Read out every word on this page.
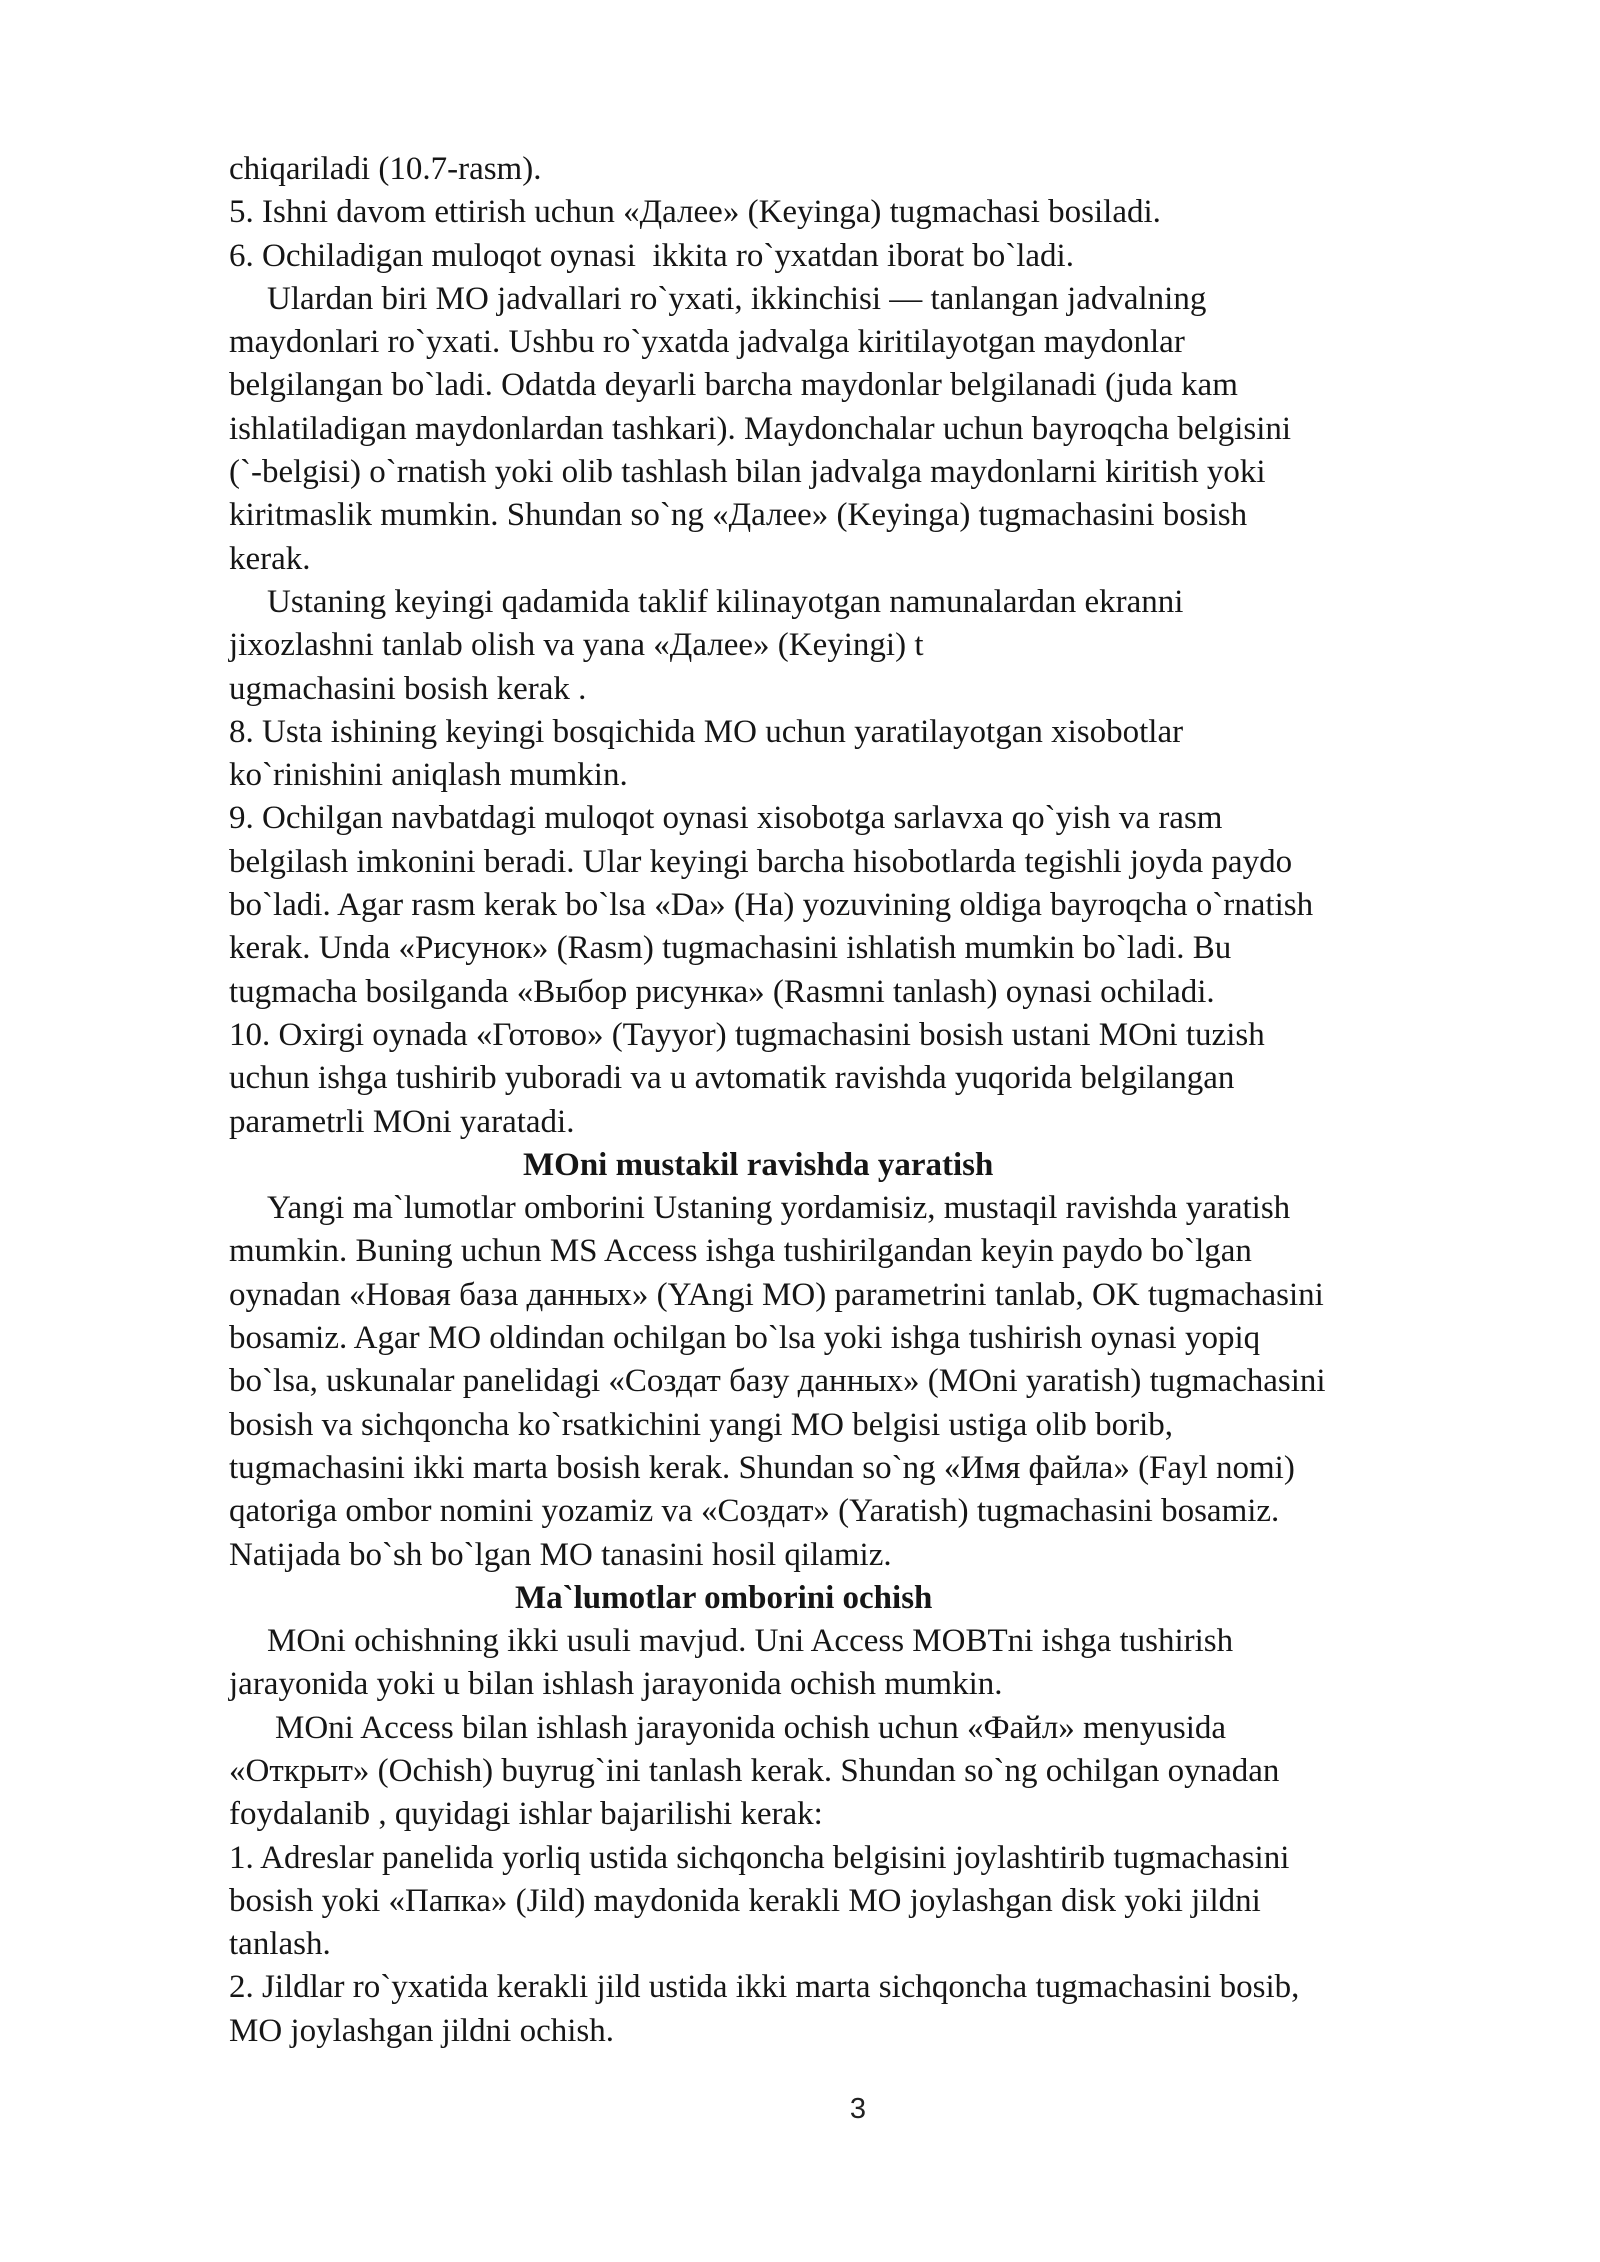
chiqariladi (10.7-rasm).
5. Ishni davom ettirish uchun «Далее» (Keyinga) tugmachasi bosiladi.
6. Ochiladigan muloqot oynasi  ikkita ro`yxatdan iborat bo`ladi.
Ulardan biri MO jadvallari ro`yxati, ikkinchisi — tanlangan jadvalning
maydonlari ro`yxati. Ushbu ro`yxatda jadvalga kiritilayotgan maydonlar
belgilangan bo`ladi. Odatda deyarli barcha maydonlar belgilanadi (juda kam
ishlatiladigan maydonlardan tashkari). Maydonchalar uchun bayroqcha belgisini
(`-belgisi) o`rnatish yoki olib tashlash bilan jadvalga maydonlarni kiritish yoki
kiritmaslik mumkin. Shundan so`ng «Далее» (Keyinga) tugmachasini bosish
kerak.
Ustaning keyingi qadamida taklif kilinayotgan namunalardan ekranni
jixozlashni tanlab olish va yana «Далее» (Keyingi) t
ugmachasini bosish kerak .
8. Usta ishining keyingi bosqichida MO uchun yaratilayotgan xisobotlar
ko`rinishini aniqlash mumkin.
9. Ochilgan navbatdagi muloqot oynasi xisobotga sarlavxa qo`yish va rasm
belgilash imkonini beradi. Ular keyingi barcha hisobotlarda tegishli joyda paydo
bo`ladi. Agar rasm kerak bo`lsa «Da» (Ha) yozuvining oldiga bayroqcha o`rnatish
kerak. Unda «Рисунок» (Rasm) tugmachasini ishlatish mumkin bo`ladi. Bu
tugmacha bosilganda «Выбор рисунка» (Rasmni tanlash) oynasi ochiladi.
10. Oxirgi oynada «Готово» (Tayyor) tugmachasini bosish ustani MOni tuzish
uchun ishga tushirib yuboradi va u avtomatik ravishda yuqorida belgilangan
parametrli MOni yaratadi.
MOni mustakil ravishda yaratish
Yangi ma`lumotlar omborini Ustaning yordamisiz, mustaqil ravishda yaratish
mumkin. Buning uchun MS Access ishga tushirilgandan keyin paydo bo`lgan
oynadan «Новая база данных» (YAngi MO) parametrini tanlab, OK tugmachasini
bosamiz. Agar MO oldindan ochilgan bo`lsa yoki ishga tushirish oynasi yopiq
bo`lsa, uskunalar panelidagi «Создат базу данных» (MOni yaratish) tugmachasini
bosish va sichqoncha ko`rsatkichini yangi MO belgisi ustiga olib borib,
tugmachasini ikki marta bosish kerak. Shundan so`ng «Имя файла» (Fayl nomi)
qatoriga ombor nomini yozamiz va «Создат» (Yaratish) tugmachasini bosamiz.
Natijada bo`sh bo`lgan MO tanasini hosil qilamiz.
Ma`lumotlar omborini ochish
MOni ochishning ikki usuli mavjud. Uni Access MOBTni ishga tushirish
jarayonida yoki u bilan ishlash jarayonida ochish mumkin.
MOni Access bilan ishlash jarayonida ochish uchun «Файл» menyusida
«Открыт» (Ochish) buyrug`ini tanlash kerak. Shundan so`ng ochilgan oynadan
foydalanib , quyidagi ishlar bajarilishi kerak:
1. Adreslar panelida yorliq ustida sichqoncha belgisini joylashtirib tugmachasini
bosish yoki «Папка» (Jild) maydonida kerakli MO joylashgan disk yoki jildni
tanlash.
2. Jildlar ro`yxatida kerakli jild ustida ikki marta sichqoncha tugmachasini bosib,
MO joylashgan jildni ochish.
3
